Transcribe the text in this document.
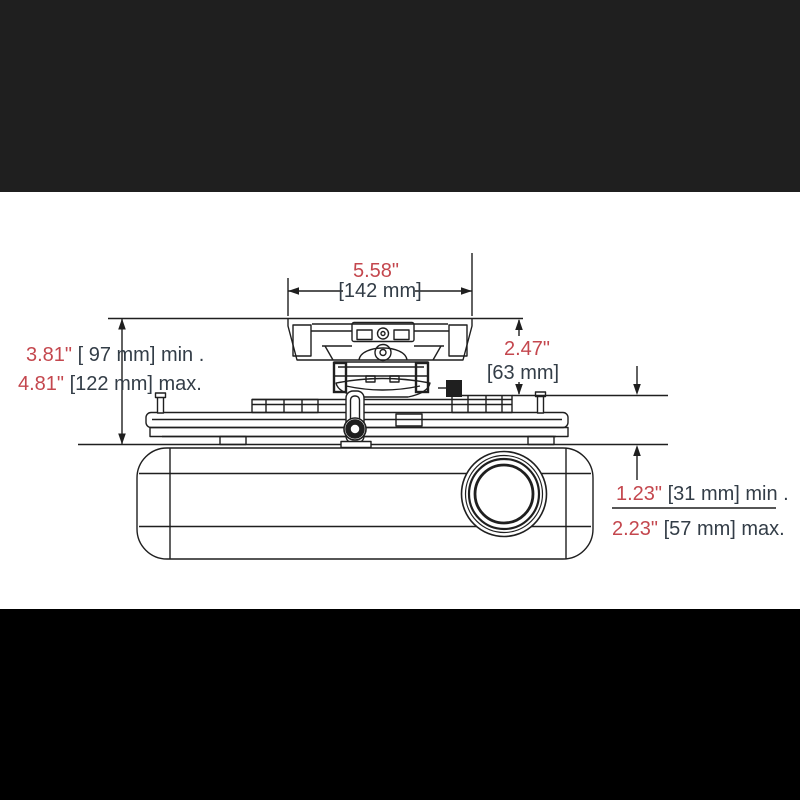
5.58"
[142 mm]
3.81" [ 97 mm] min .
4.81" [122 mm] max.
2.47"
[63 mm]
1.23" [31 mm] min .
2.23" [57 mm] max.
